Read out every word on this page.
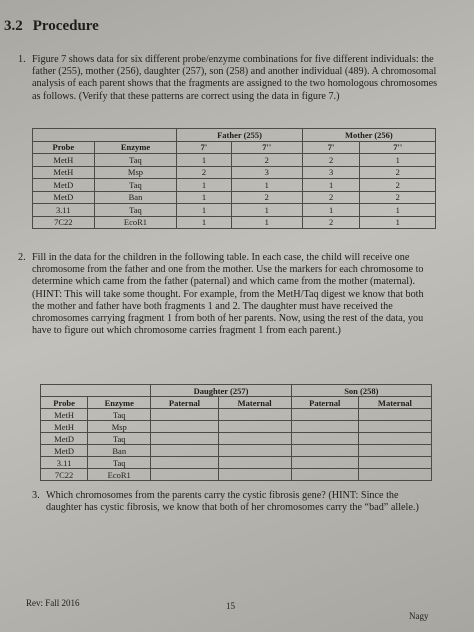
3.2 Procedure
1. Figure 7 shows data for six different probe/enzyme combinations for five different individuals: the father (255), mother (256), daughter (257), son (258) and another individual (489). A chromosomal analysis of each parent shows that the fragments are assigned to the two homologous chromosomes as follows. (Verify that these patterns are correct using the data in figure 7.)

		Father (255)		Mother (256)	
Probe	Enzyme	7'	7''	7'	7''
MetH	Taq	1	2	2	1
MetH	Msp	2	3	3	2
MetD	Taq	1	1	1	2
MetD	Ban	1	2	2	2
3.11	Taq	1	1	1	1
7C22	EcoR1	1	1	2	1
2. Fill in the data for the children in the following table. In each case, the child will receive one chromosome from the father and one from the mother. Use the markers for each chromosome to determine which came from the father (paternal) and which came from the mother (maternal). (HINT: This will take some thought. For example, from the MetH/Taq digest we know that both the mother and father have both fragments 1 and 2. The daughter must have received the chromosomes carrying fragment 1 from both of her parents. Now, using the rest of the data, you have to figure out which chromosome carries fragment 1 from each parent.)

		Daughter (257)		Son (258)	
Probe	Enzyme	Paternal	Maternal	Paternal	Maternal
MetH	Taq				
MetH	Msp				
MetD	Taq				
MetD	Ban				
3.11	Taq				
7C22	EcoR1				
3. Which chromosomes from the parents carry the cystic fibrosis gene? (HINT: Since the daughter has cystic fibrosis, we know that both of her chromosomes carry the “bad” allele.)

Rev: Fall 2016	15
Nagy
